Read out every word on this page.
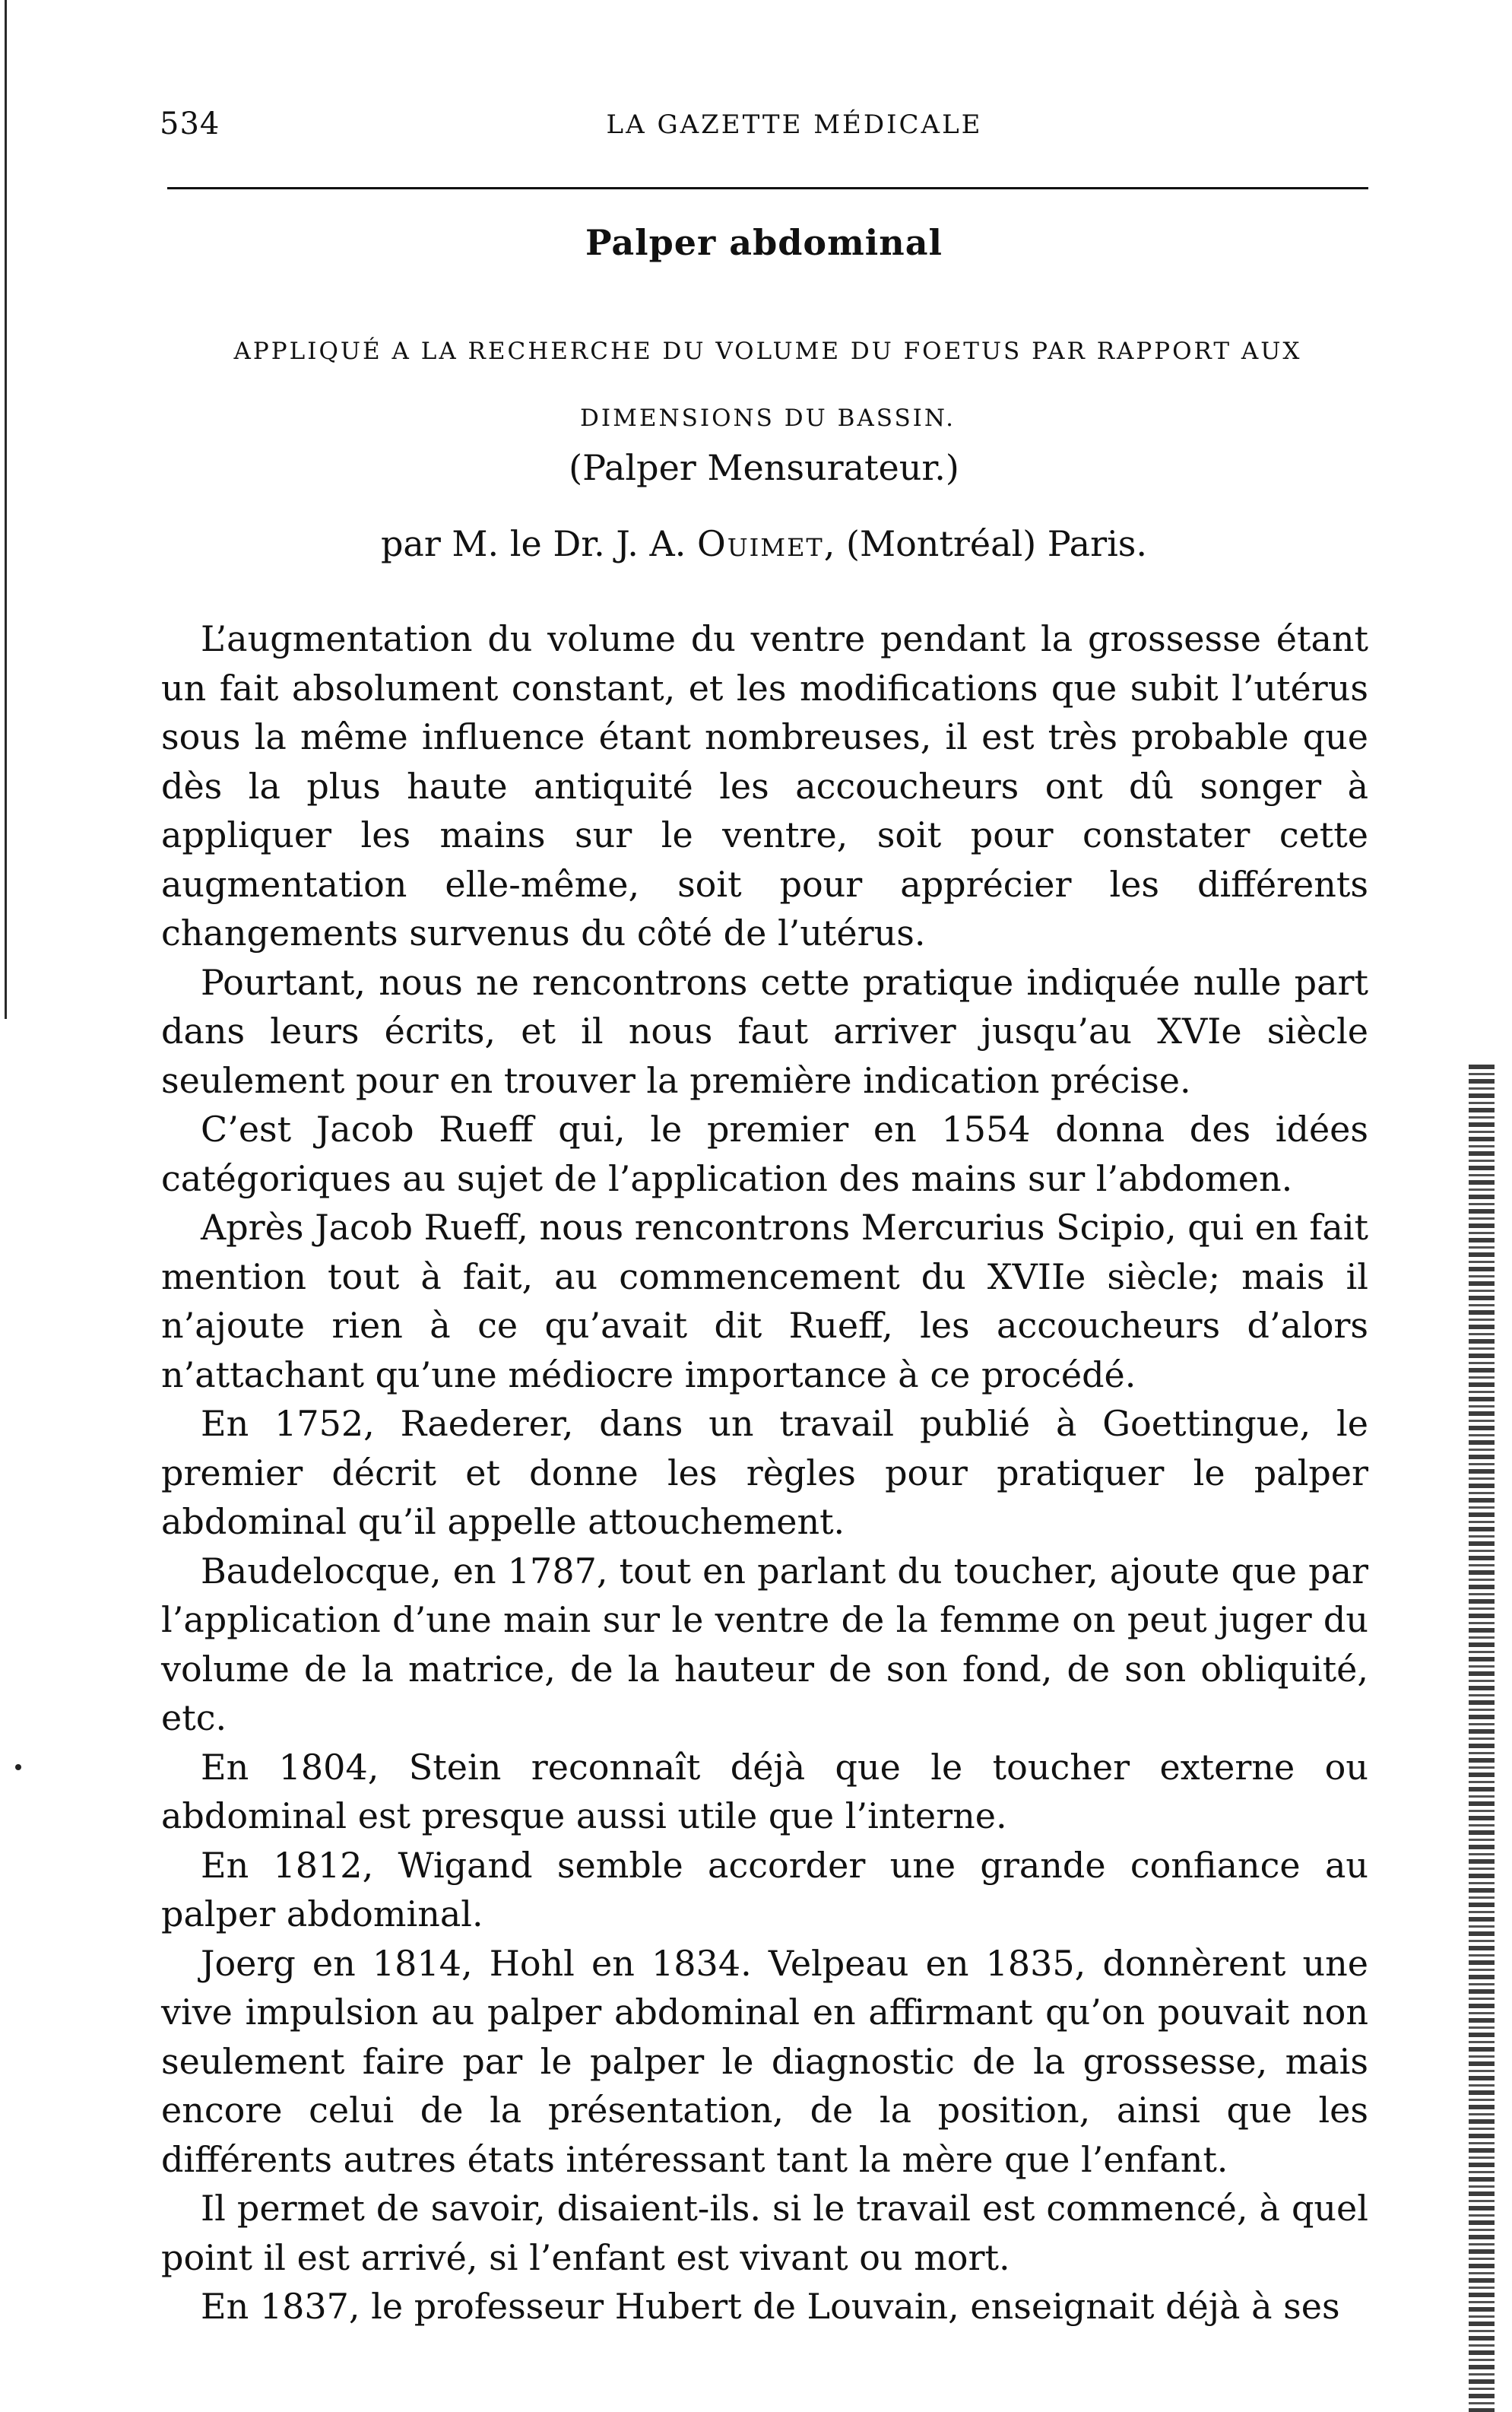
534	LA GAZETTE MÉDICALE
Palper abdominal
APPLIQUÉ A LA RECHERCHE DU VOLUME DU FOETUS PAR RAPPORT AUX DIMENSIONS DU BASSIN.
(Palper Mensurateur.)
par M. le Dr. J. A. Ouimet, (Montréal) Paris.

L’augmentation du volume du ventre pendant la grossesse étant un fait absolument constant, et les modifications que subit l’utérus sous la même influence étant nombreuses, il est très probable que dès la plus haute antiquité les accoucheurs ont dû songer à appliquer les mains sur le ventre, soit pour constater cette augmentation elle-même, soit pour apprécier les différents changements survenus du côté de l’utérus.

Pourtant, nous ne rencontrons cette pratique indiquée nulle part dans leurs écrits, et il nous faut arriver jusqu’au XVIe siècle seulement pour en trouver la première indication précise.

C’est Jacob Rueff qui, le premier en 1554 donna des idées catégoriques au sujet de l’application des mains sur l’abdomen.

Après Jacob Rueff, nous rencontrons Mercurius Scipio, qui en fait mention tout à fait, au commencement du XVIIe siècle; mais il n’ajoute rien à ce qu’avait dit Rueff, les accoucheurs d’alors n’attachant qu’une médiocre importance à ce procédé.

En 1752, Raederer, dans un travail publié à Goettingue, le premier décrit et donne les règles pour pratiquer le palper abdominal qu’il appelle attouchement.

Baudelocque, en 1787, tout en parlant du toucher, ajoute que par l’application d’une main sur le ventre de la femme on peut juger du volume de la matrice, de la hauteur de son fond, de son obliquité, etc.

En 1804, Stein reconnaît déjà que le toucher externe ou abdominal est presque aussi utile que l’interne.

En 1812, Wigand semble accorder une grande confiance au palper abdominal.

Joerg en 1814, Hohl en 1834. Velpeau en 1835, donnèrent une vive impulsion au palper abdominal en affirmant qu’on pouvait non seulement faire par le palper le diagnostic de la grossesse, mais encore celui de la présentation, de la position, ainsi que les différents autres états intéressant tant la mère que l’enfant.

Il permet de savoir, disaient-ils. si le travail est commencé, à quel point il est arrivé, si l’enfant est vivant ou mort.

En 1837, le professeur Hubert de Louvain, enseignait déjà à ses
